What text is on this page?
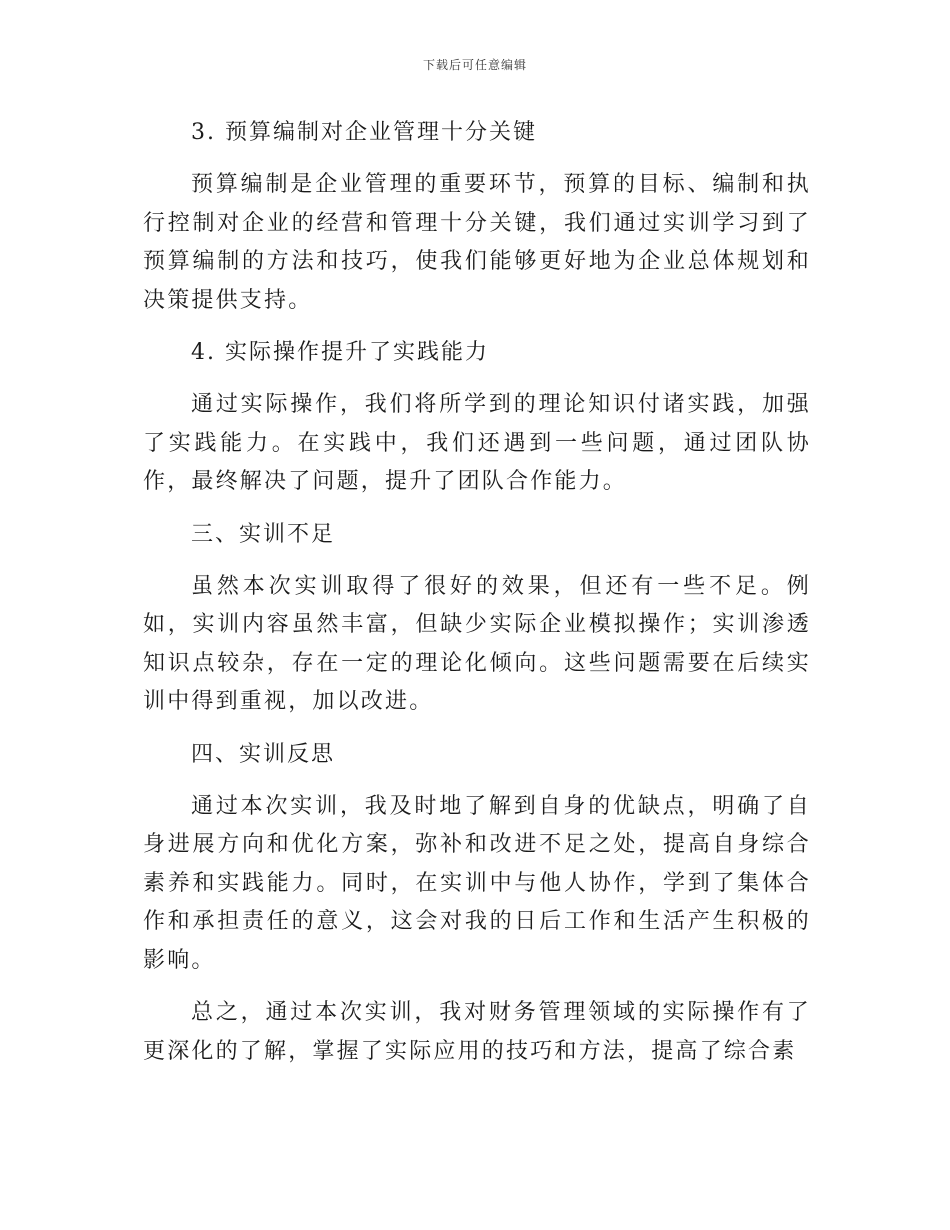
下载后可任意编辑
3. 预算编制对企业管理十分关键

预算编制是企业管理的重要环节，预算的目标、编制和执行控制对企业的经营和管理十分关键，我们通过实训学习到了预算编制的方法和技巧，使我们能够更好地为企业总体规划和决策提供支持。

4. 实际操作提升了实践能力

通过实际操作，我们将所学到的理论知识付诸实践，加强了实践能力。在实践中，我们还遇到一些问题，通过团队协作，最终解决了问题，提升了团队合作能力。

三、实训不足

虽然本次实训取得了很好的效果，但还有一些不足。例如，实训内容虽然丰富，但缺少实际企业模拟操作；实训渗透知识点较杂，存在一定的理论化倾向。这些问题需要在后续实训中得到重视，加以改进。

四、实训反思

通过本次实训，我及时地了解到自身的优缺点，明确了自身进展方向和优化方案，弥补和改进不足之处，提高自身综合素养和实践能力。同时，在实训中与他人协作，学到了集体合作和承担责任的意义，这会对我的日后工作和生活产生积极的影响。

总之，通过本次实训，我对财务管理领域的实际操作有了更深化的了解，掌握了实际应用的技巧和方法，提高了综合素
